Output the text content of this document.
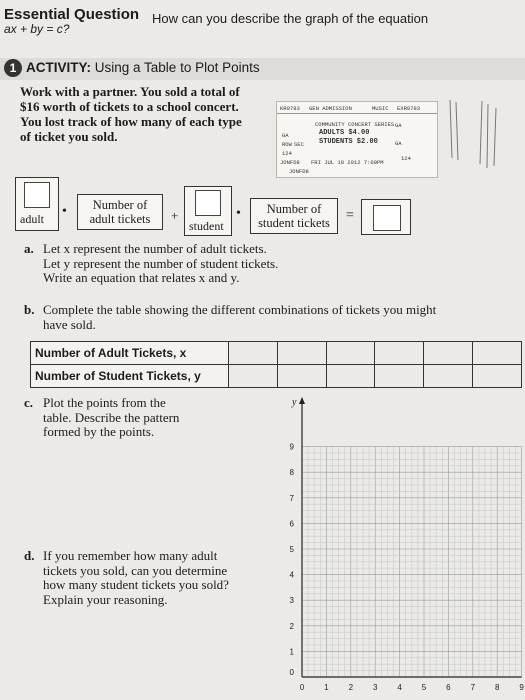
Essential Question How can you describe the graph of the equation
ax + by = c?
1 ACTIVITY: Using a Table to Plot Points
Work with a partner. You sold a total of
$16 worth of tickets to a school concert.
You lost track of how many of each type
of ticket you sold.
KR0783 GEN ADMISSION	MUSIC EXR0783
COMMUNITY CONCERT SERIES
ADULTS $4.00
STUDENTS $2.00
GA
GA
GA
ROW SEC
124
124
FRI JUL 18 2012 7:00PM
JONFD8
JONFD8
adult •	Number of
adult tickets	+
student
•	Number of
student tickets	=
a. Let x represent the number of adult tickets.
Let y represent the number of student tickets.
Write an equation that relates x and y.
b. Complete the table showing the different combinations of tickets you might
have sold.
Number of Adult Tickets, x						
Number of Student Tickets, y						
c. Plot the points from the
table. Describe the pattern
formed by the points.
d. If you remember how many adult
tickets you sold, can you determine
how many student tickets you sold?
Explain your reasoning.
0 1 2 3 4 5 6 7 8 9
0
1
2
3
4
5
6
7
8
9
y
